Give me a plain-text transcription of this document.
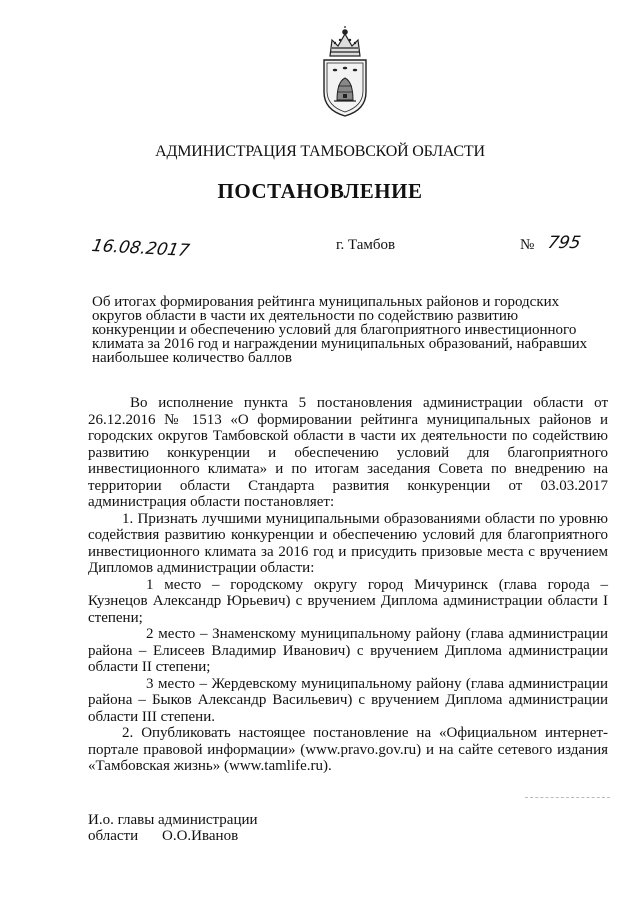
АДМИНИСТРАЦИЯ ТАМБОВСКОЙ ОБЛАСТИ
ПОСТАНОВЛЕНИЕ
16.08.2017	г. Тамбов	№ 795
Об итогах формирования рейтинга муниципальных районов и городских
округов области в части их деятельности по содействию развитию
конкуренции и обеспечению условий для благоприятного инвестиционного
климата за 2016 год и награждении муниципальных образований, набравших
наибольшее количество баллов

Во исполнение пункта 5 постановления администрации области от 26.12.2016 № 1513 «О формировании рейтинга муниципальных районов и городских округов Тамбовской области в части их деятельности по содействию развитию конкуренции и обеспечению условий для благоприятного инвестиционного климата» и по итогам заседания Совета по внедрению на территории области Стандарта развития конкуренции от 03.03.2017 администрация области постановляет:

1. Признать лучшими муниципальными образованиями области по уровню содействия развитию конкуренции и обеспечению условий для благоприятного инвестиционного климата за 2016 год и присудить призовые места с вручением Дипломов администрации области:

1 место – городскому округу город Мичуринск (глава города – Кузнецов Александр Юрьевич) с вручением Диплома администрации области I степени;

2 место – Знаменскому муниципальному району (глава администрации района – Елисеев Владимир Иванович) с вручением Диплома администрации области II степени;

3 место – Жердевскому муниципальному району (глава администрации района – Быков Александр Васильевич) с вручением Диплома администрации области III степени.

2. Опубликовать настоящее постановление на «Официальном интернет-портале правовой информации» (www.pravo.gov.ru) и на сайте сетевого издания «Тамбовская жизнь» (www.tamlife.ru).

И.о. главы администрации
области О.О.Иванов
